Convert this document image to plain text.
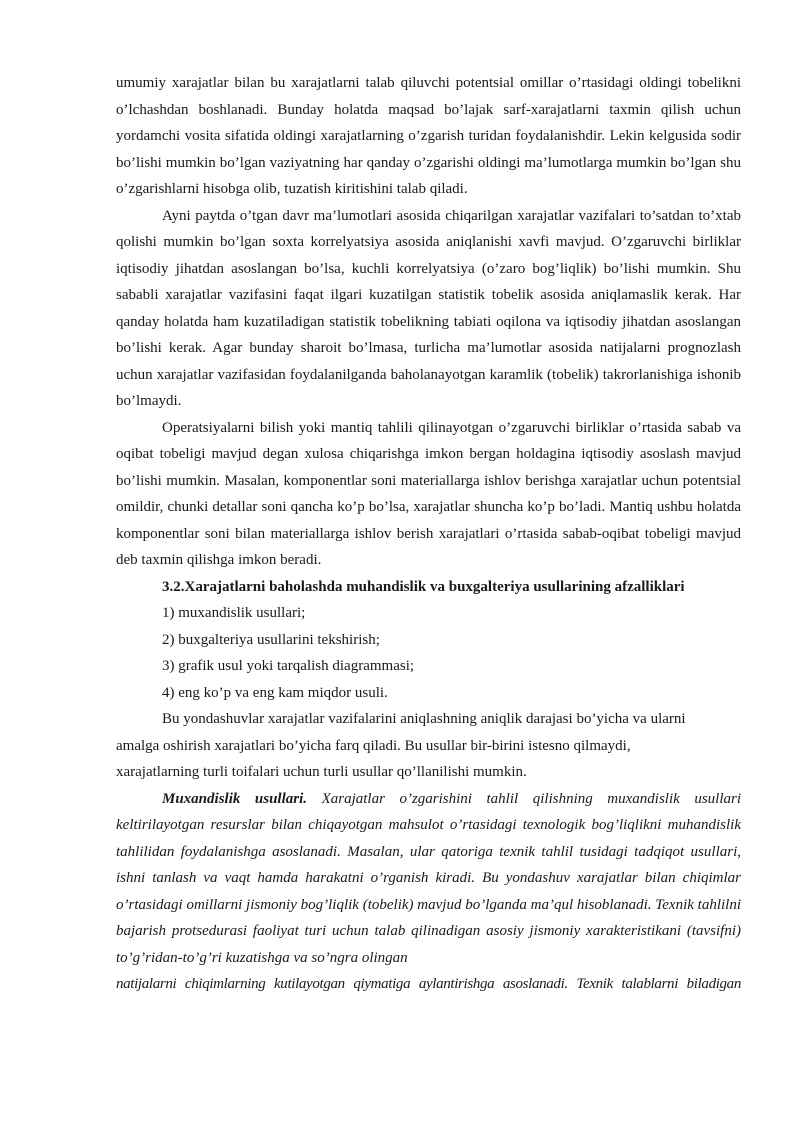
umumiy xarajatlar bilan bu xarajatlarni talab qiluvchi potentsial omillar o’rtasidagi oldingi tobelikni o’lchashdan boshlanadi. Bunday holatda maqsad bo’lajak sarf-xarajatlarni taxmin qilish uchun yordamchi vosita sifatida oldingi xarajatlarning o’zgarish turidan foydalanishdir. Lekin kelgusida sodir bo’lishi mumkin bo’lgan vaziyatning har qanday o’zgarishi oldingi ma’lumotlarga mumkin bo’lgan shu o’zgarishlarni hisobga olib, tuzatish kiritishini talab qiladi.

Ayni paytda o’tgan davr ma’lumotlari asosida chiqarilgan xarajatlar vazifalari to’satdan to’xtab qolishi mumkin bo’lgan soxta korrelyatsiya asosida aniqlanishi xavfi mavjud. O’zgaruvchi birliklar iqtisodiy jihatdan asoslangan bo’lsa, kuchli korrelyatsiya (o’zaro bog’liqlik) bo’lishi mumkin. Shu sababli xarajatlar vazifasini faqat ilgari kuzatilgan statistik tobelik asosida aniqlamaslik kerak. Har qanday holatda ham kuzatiladigan statistik tobelikning tabiati oqilona va iqtisodiy jihatdan asoslangan bo’lishi kerak. Agar bunday sharoit bo’lmasa, turlicha ma’lumotlar asosida natijalarni prognozlash uchun xarajatlar vazifasidan foydalanilganda baholanayotgan karamlik (tobelik) takrorlanishiga ishonib bo’lmaydi.

Operatsiyalarni bilish yoki mantiq tahlili qilinayotgan o’zgaruvchi birliklar o’rtasida sabab va oqibat tobeligi mavjud degan xulosa chiqarishga imkon bergan holdagina iqtisodiy asoslash mavjud bo’lishi mumkin. Masalan, komponentlar soni materiallarga ishlov berishga xarajatlar uchun potentsial omildir, chunki detallar soni qancha ko’p bo’lsa, xarajatlar shuncha ko’p bo’ladi. Mantiq ushbu holatda komponentlar soni bilan materiallarga ishlov berish xarajatlari o’rtasida sabab-oqibat tobeligi mavjud deb taxmin qilishga imkon beradi.

3.2.Xarajatlarni baholashda muhandislik va buxgalteriya usullarining afzalliklari

1) muxandislik usullari;

2) buxgalteriya usullarini tekshirish;

3) grafik usul yoki tarqalish diagrammasi;

4) eng ko’p va eng kam miqdor usuli.

Bu yondashuvlar xarajatlar vazifalarini aniqlashning aniqlik darajasi bo’yicha va ularni

amalga oshirish xarajatlari bo’yicha farq qiladi. Bu usullar bir-birini istesno qilmaydi,

xarajatlarning turli toifalari uchun turli usullar qo’llanilishi mumkin.

Muxandislik usullari. Xarajatlar o’zgarishini tahlil qilishning muxandislik usullari keltirilayotgan resurslar bilan chiqayotgan mahsulot o’rtasidagi texnologik bog’liqlikni muhandislik tahlilidan foydalanishga asoslanadi. Masalan, ular qatoriga texnik tahlil tusidagi tadqiqot usullari, ishni tanlash va vaqt hamda harakatni o’rganish kiradi. Bu yondashuv xarajatlar bilan chiqimlar o’rtasidagi omillarni jismoniy bog’liqlik (tobelik) mavjud bo’lganda ma’qul hisoblanadi. Texnik tahlilni bajarish protsedurasi faoliyat turi uchun talab qilinadigan asosiy jismoniy xarakteristikani (tavsifni) to’g’ridan-to’g’ri kuzatishga va so’ngra olingan

natijalarni chiqimlarning kutilayotgan qiymatiga aylantirishga asoslanadi. Texnik talablarni biladigan
